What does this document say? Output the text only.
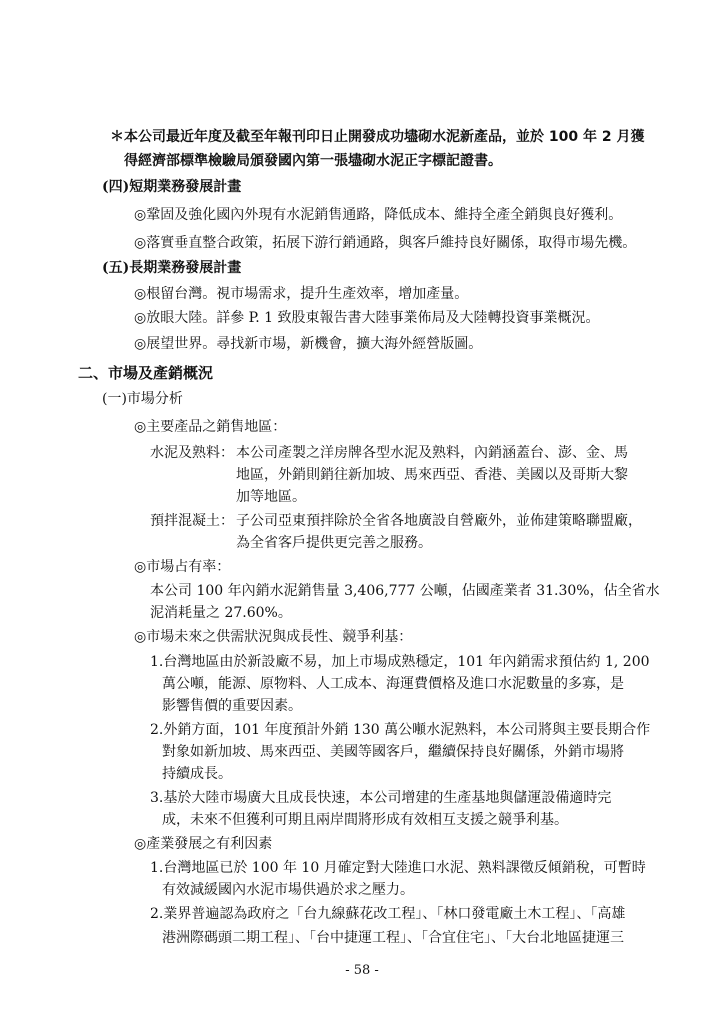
＊本公司最近年度及截至年報刊印日止開發成功壗砌水泥新產品，並於 100 年 2 月獲
得經濟部標準檢驗局頒發國內第一張壗砌水泥正字標記證書。
(四)短期業務發展計畫
◎鞏固及強化國內外現有水泥銷售通路，降低成本、維持全產全銷與良好獲利。
◎落實垂直整合政策，拓展下游行銷通路，與客戶維持良好關係，取得市場先機。
(五)長期業務發展計畫
◎根留台灣。視市場需求，提升生產效率，增加產量。
◎放眼大陸。詳參 P. 1 致股東報告書大陸事業佈局及大陸轉投資事業概況。
◎展望世界。尋找新市場，新機會，擴大海外經營版圖。
二、市場及產銷概況
(一)市場分析
◎主要產品之銷售地區：
水泥及熟料： 本公司產製之洋房牌各型水泥及熟料，內銷涵蓋台、澎、金、馬
地區，外銷則銷往新加坡、馬來西亞、香港、美國以及哥斯大黎
加等地區。
預拌混凝土： 子公司亞東預拌除於全省各地廣設自營廠外，並佈建策略聯盟廠，
為全省客戶提供更完善之服務。
◎市場占有率：
本公司 100 年內銷水泥銷售量 3,406,777 公噸，佔國產業者 31.30%，佔全省水
泥消耗量之 27.60%。
◎市場未來之供需狀況與成長性、競爭利基：
1.台灣地區由於新設廠不易，加上市場成熟穩定，101 年內銷需求預估約 1, 200
萬公噸，能源、原物料、人工成本、海運費價格及進口水泥數量的多寡，是
影響售價的重要因素。
2.外銷方面，101 年度預計外銷 130 萬公噸水泥熟料，本公司將與主要長期合作
對象如新加坡、馬來西亞、美國等國客戶，繼續保持良好關係，外銷市場將
持續成長。
3.基於大陸市場廣大且成長快速，本公司增建的生產基地與儲運設備適時完
成，未來不但獲利可期且兩岸間將形成有效相互支援之競爭利基。
◎產業發展之有利因素
1.台灣地區已於 100 年 10 月確定對大陸進口水泥、熟料課徵反傾銷稅，可暫時
有效減緩國內水泥市場供過於求之壓力。
2.業界普遍認為政府之「台九線蘇花改工程」、「林口發電廠土木工程」、「高雄
港洲際碼頭二期工程」、「台中捷運工程」、「合宜住宅」、「大台北地區捷運三
- 58 -
